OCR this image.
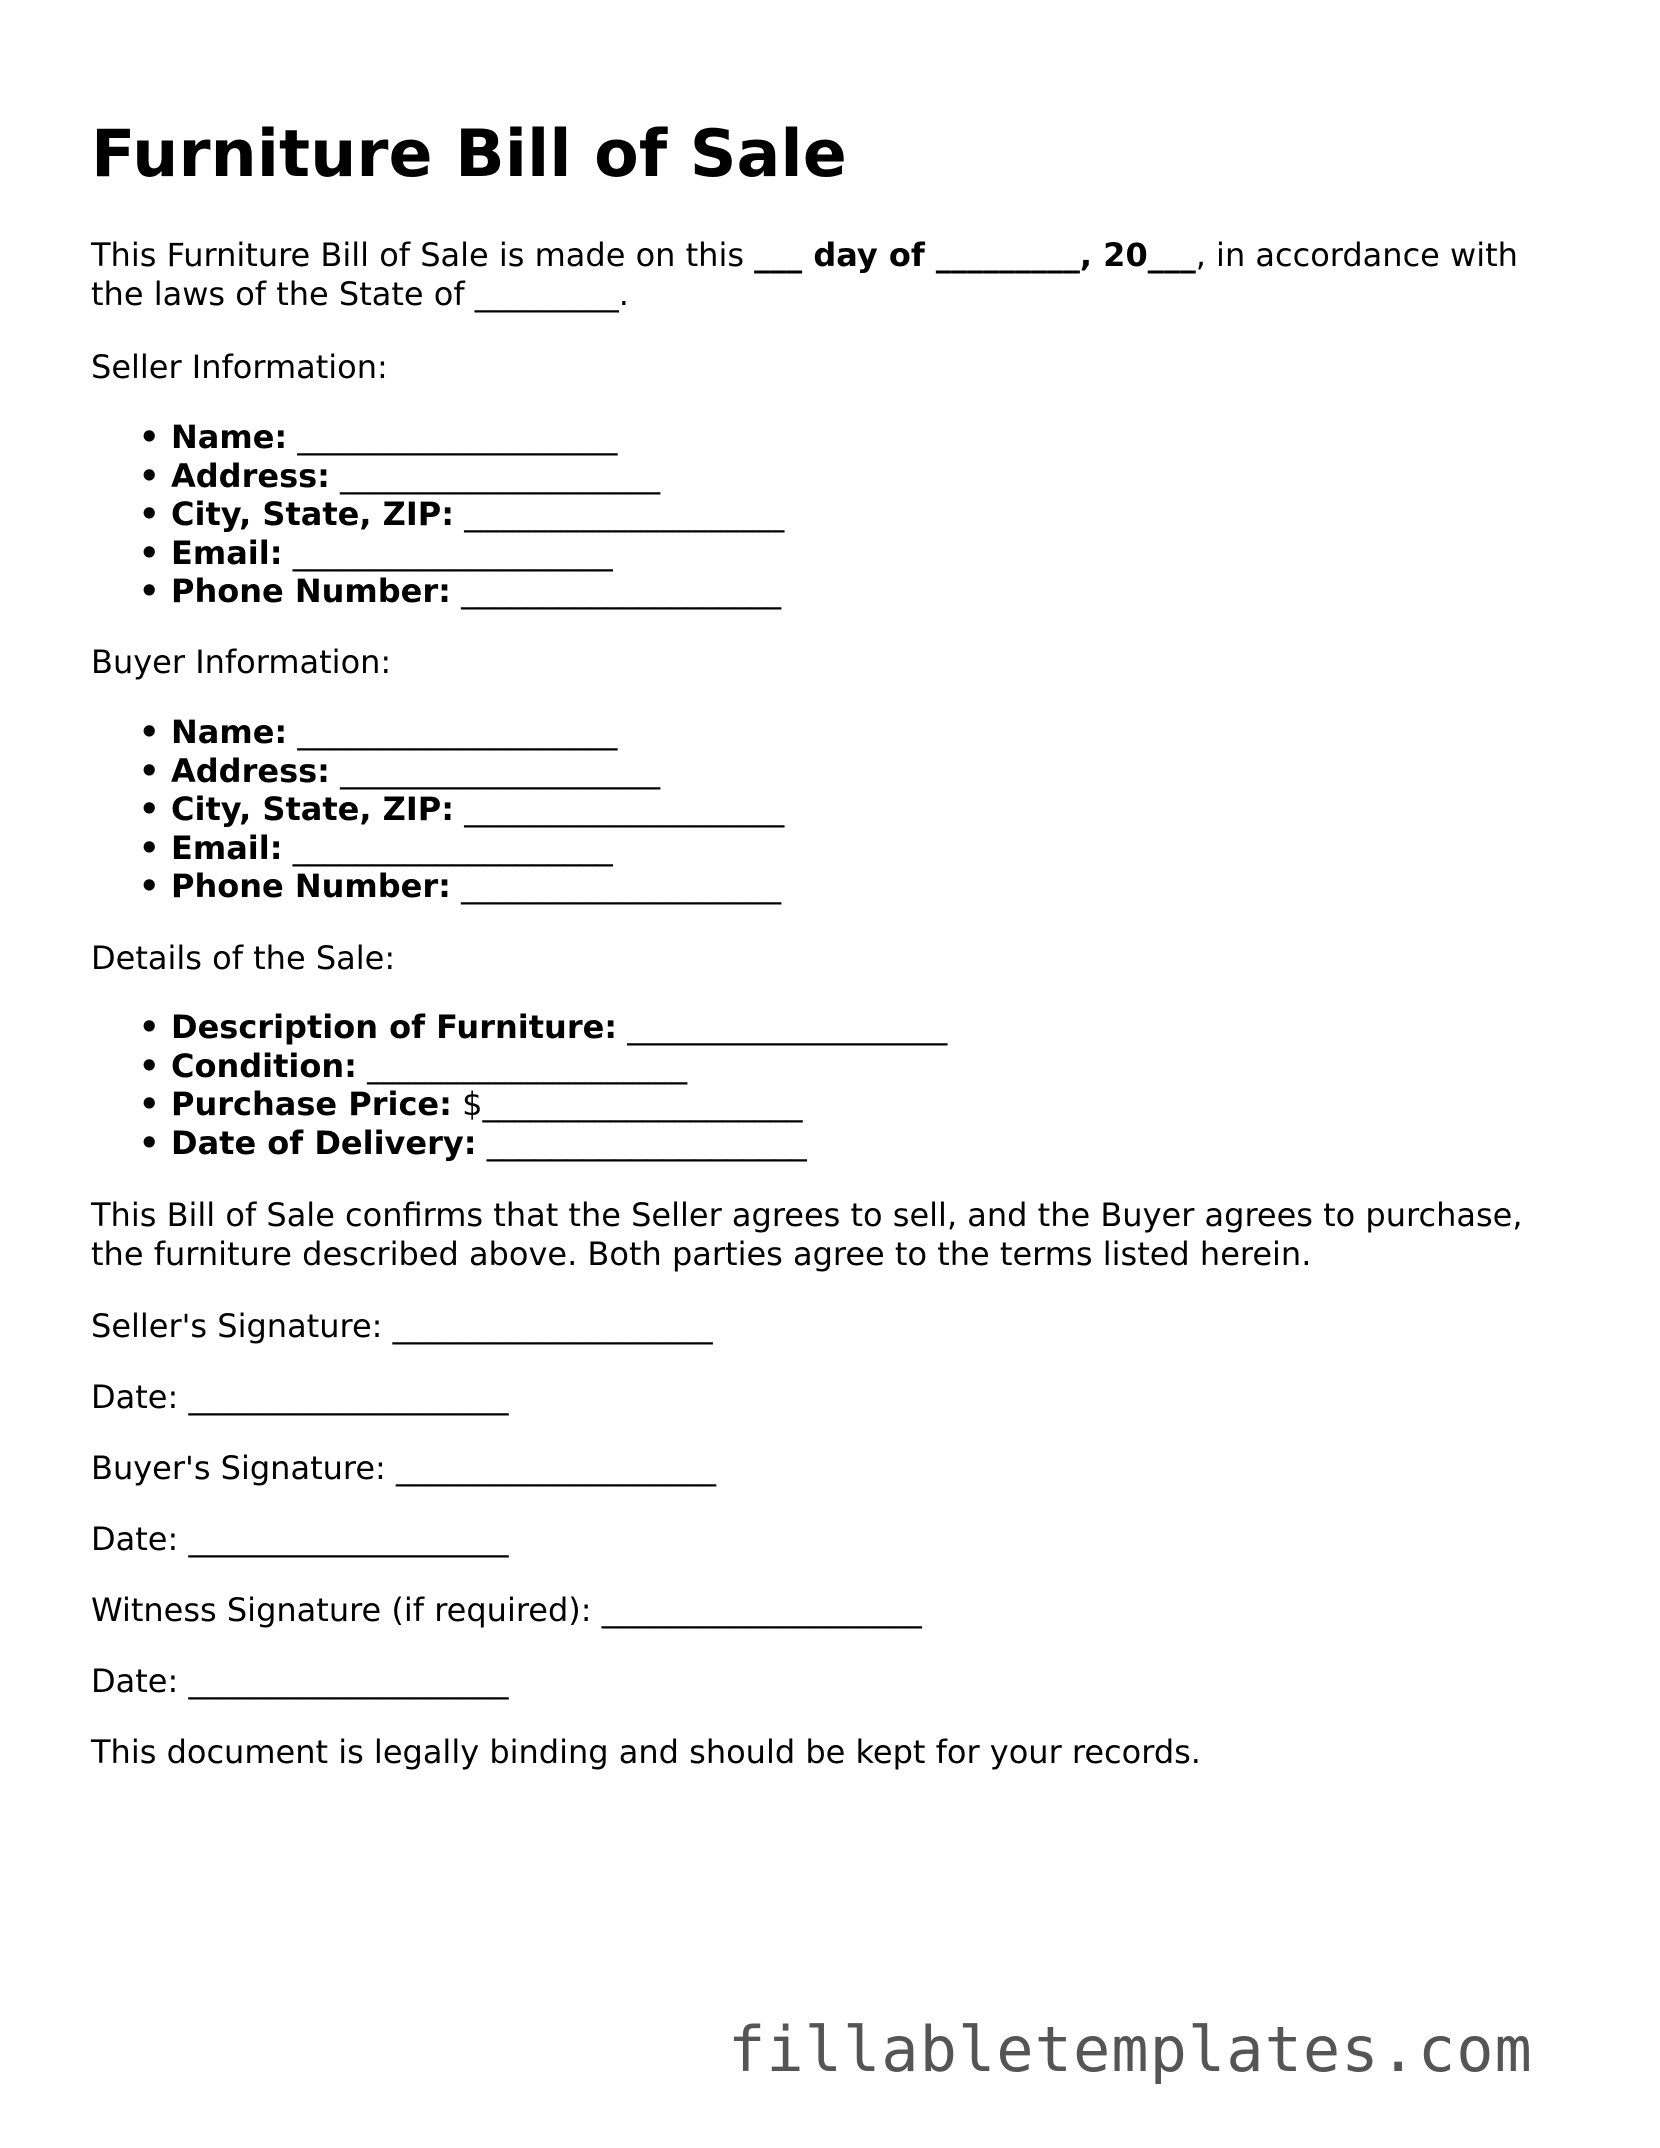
Furniture Bill of Sale

This Furniture Bill of Sale is made on this ___ day of _________, 20___, in accordance with the laws of the State of _________.

Seller Information:

• Name: ____________________
• Address: ____________________
• City, State, ZIP: ____________________
• Email: ____________________
• Phone Number: ____________________

Buyer Information:

• Name: ____________________
• Address: ____________________
• City, State, ZIP: ____________________
• Email: ____________________
• Phone Number: ____________________

Details of the Sale:

• Description of Furniture: ____________________
• Condition: ____________________
• Purchase Price: $____________________
• Date of Delivery: ____________________

This Bill of Sale confirms that the Seller agrees to sell, and the Buyer agrees to purchase, the furniture described above. Both parties agree to the terms listed herein.

Seller's Signature: ____________________

Date: ____________________

Buyer's Signature: ____________________

Date: ____________________

Witness Signature (if required): ____________________

Date: ____________________

This document is legally binding and should be kept for your records.

fillabletemplates.com
